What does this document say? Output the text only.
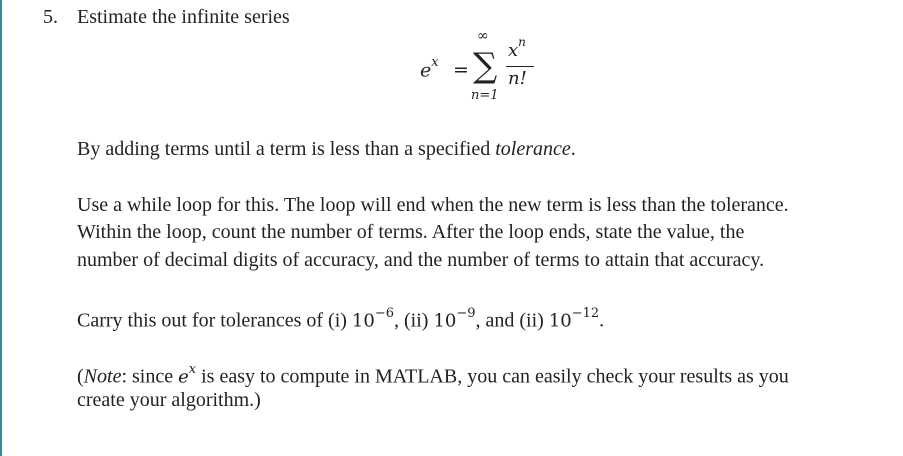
5. Estimate the infinite series
$e^x$ =
∞
∑
n=1
$x^n$
n!
By adding terms until a term is less than a specified tolerance.
Use a while loop for this. The loop will end when the new term is less than the tolerance.
Within the loop, count the number of terms. After the loop ends, state the value, the
number of decimal digits of accuracy, and the number of terms to attain that accuracy.
Carry this out for tolerances of (i) $10^{-6}$, (ii) $10^{-9}$, and (ii) $10^{-12}$.
(Note: since $e^x$ is easy to compute in MATLAB, you can easily check your results as you
create your algorithm.)
